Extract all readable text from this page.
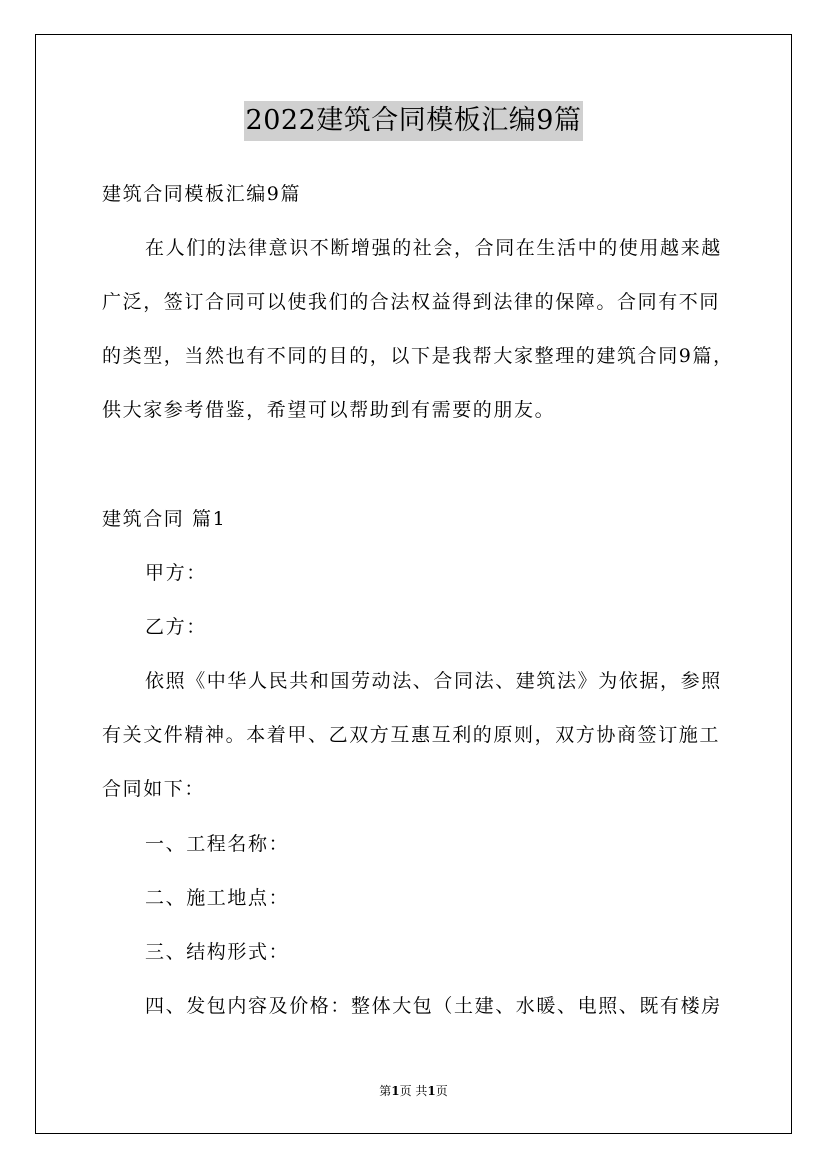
2022建筑合同模板汇编9篇
建筑合同模板汇编9篇
在人们的法律意识不断增强的社会，合同在生活中的使用越来越
广泛，签订合同可以使我们的合法权益得到法律的保障。合同有不同
的类型，当然也有不同的目的，以下是我帮大家整理的建筑合同9篇，
供大家参考借鉴，希望可以帮助到有需要的朋友。
建筑合同 篇1
甲方：
乙方：
依照《中华人民共和国劳动法、合同法、建筑法》为依据，参照
有关文件精神。本着甲、乙双方互惠互利的原则，双方协商签订施工
合同如下：
一、工程名称：
二、施工地点：
三、结构形式：
四、发包内容及价格：整体大包（土建、水暖、电照、既有楼房
第1页 共1页
